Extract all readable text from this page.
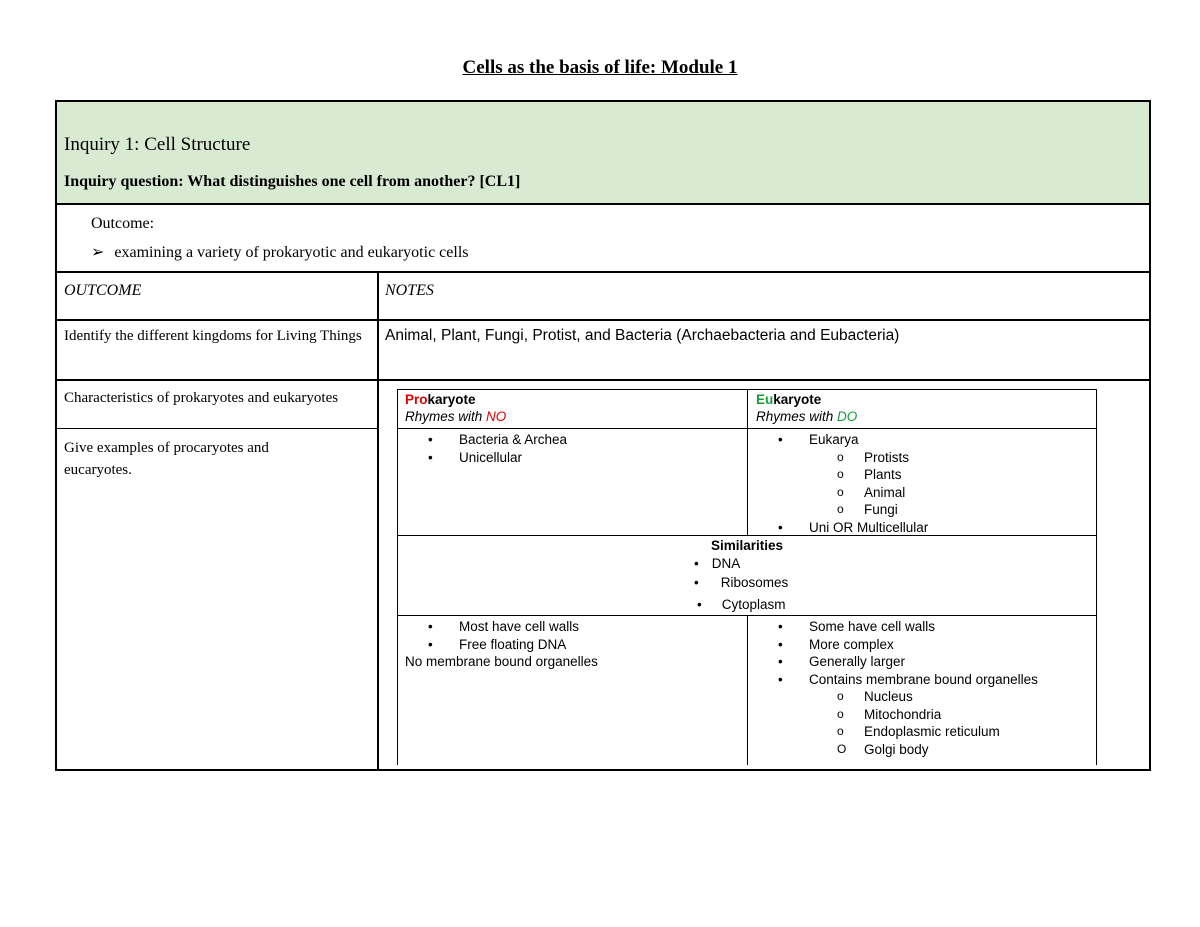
Cells as the basis of life: Module 1
Inquiry 1: Cell Structure
Inquiry question: What distinguishes one cell from another? [CL1]
Outcome:
➢ examining a variety of prokaryotic and eukaryotic cells
OUTCOME	NOTES
Identify the different kingdoms for Living Things Animal, Plant, Fungi, Protist, and Bacteria (Archaebacteria and Eubacteria)
Characteristics of prokaryotes and eukaryotes
Give examples of procaryotes and eucaryotes.
Prokaryote
Rhymes with NO
Eukaryote
Rhymes with DO
• Bacteria & Archea
• Unicellular
• Eukarya
o Protists
o Plants
o Animal
o Fungi
• Uni OR Multicellular
Similarities
• DNA
• Ribosomes
• Cytoplasm
• Most have cell walls
• Free floating DNA
No membrane bound organelles
• Some have cell walls
• More complex
• Generally larger
• Contains membrane bound organelles
o Nucleus
o Mitochondria
o Endoplasmic reticulum
O Golgi body
